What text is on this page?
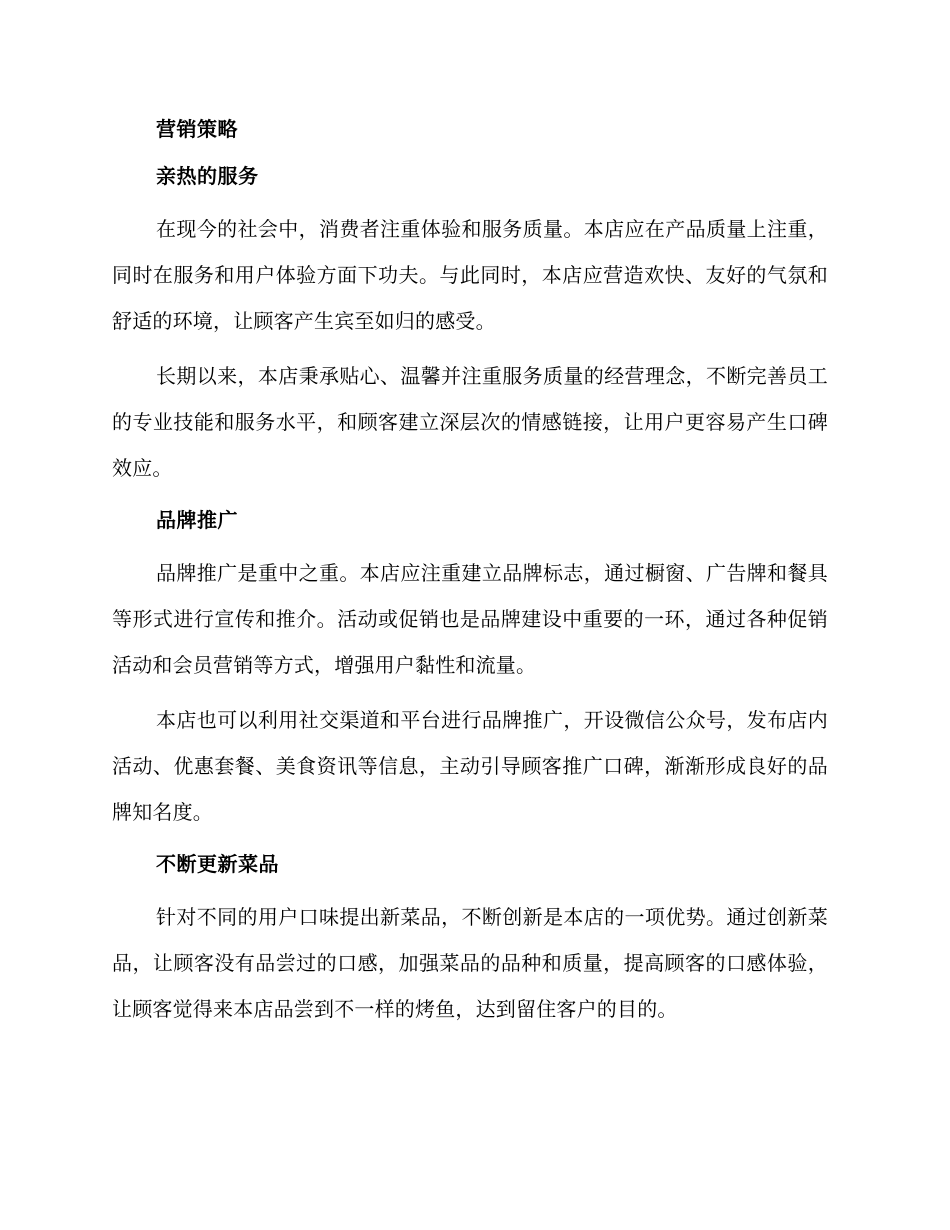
营销策略
亲热的服务

在现今的社会中，消费者注重体验和服务质量。本店应在产品质量上注重，同时在服务和用户体验方面下功夫。与此同时，本店应营造欢快、友好的气氛和舒适的环境，让顾客产生宾至如归的感受。

长期以来，本店秉承贴心、温馨并注重服务质量的经营理念，不断完善员工的专业技能和服务水平，和顾客建立深层次的情感链接，让用户更容易产生口碑效应。

品牌推广

品牌推广是重中之重。本店应注重建立品牌标志，通过橱窗、广告牌和餐具等形式进行宣传和推介。活动或促销也是品牌建设中重要的一环，通过各种促销活动和会员营销等方式，增强用户黏性和流量。

本店也可以利用社交渠道和平台进行品牌推广，开设微信公众号，发布店内活动、优惠套餐、美食资讯等信息，主动引导顾客推广口碑，渐渐形成良好的品牌知名度。

不断更新菜品

针对不同的用户口味提出新菜品，不断创新是本店的一项优势。通过创新菜品，让顾客没有品尝过的口感，加强菜品的品种和质量，提高顾客的口感体验，让顾客觉得来本店品尝到不一样的烤鱼，达到留住客户的目的。
